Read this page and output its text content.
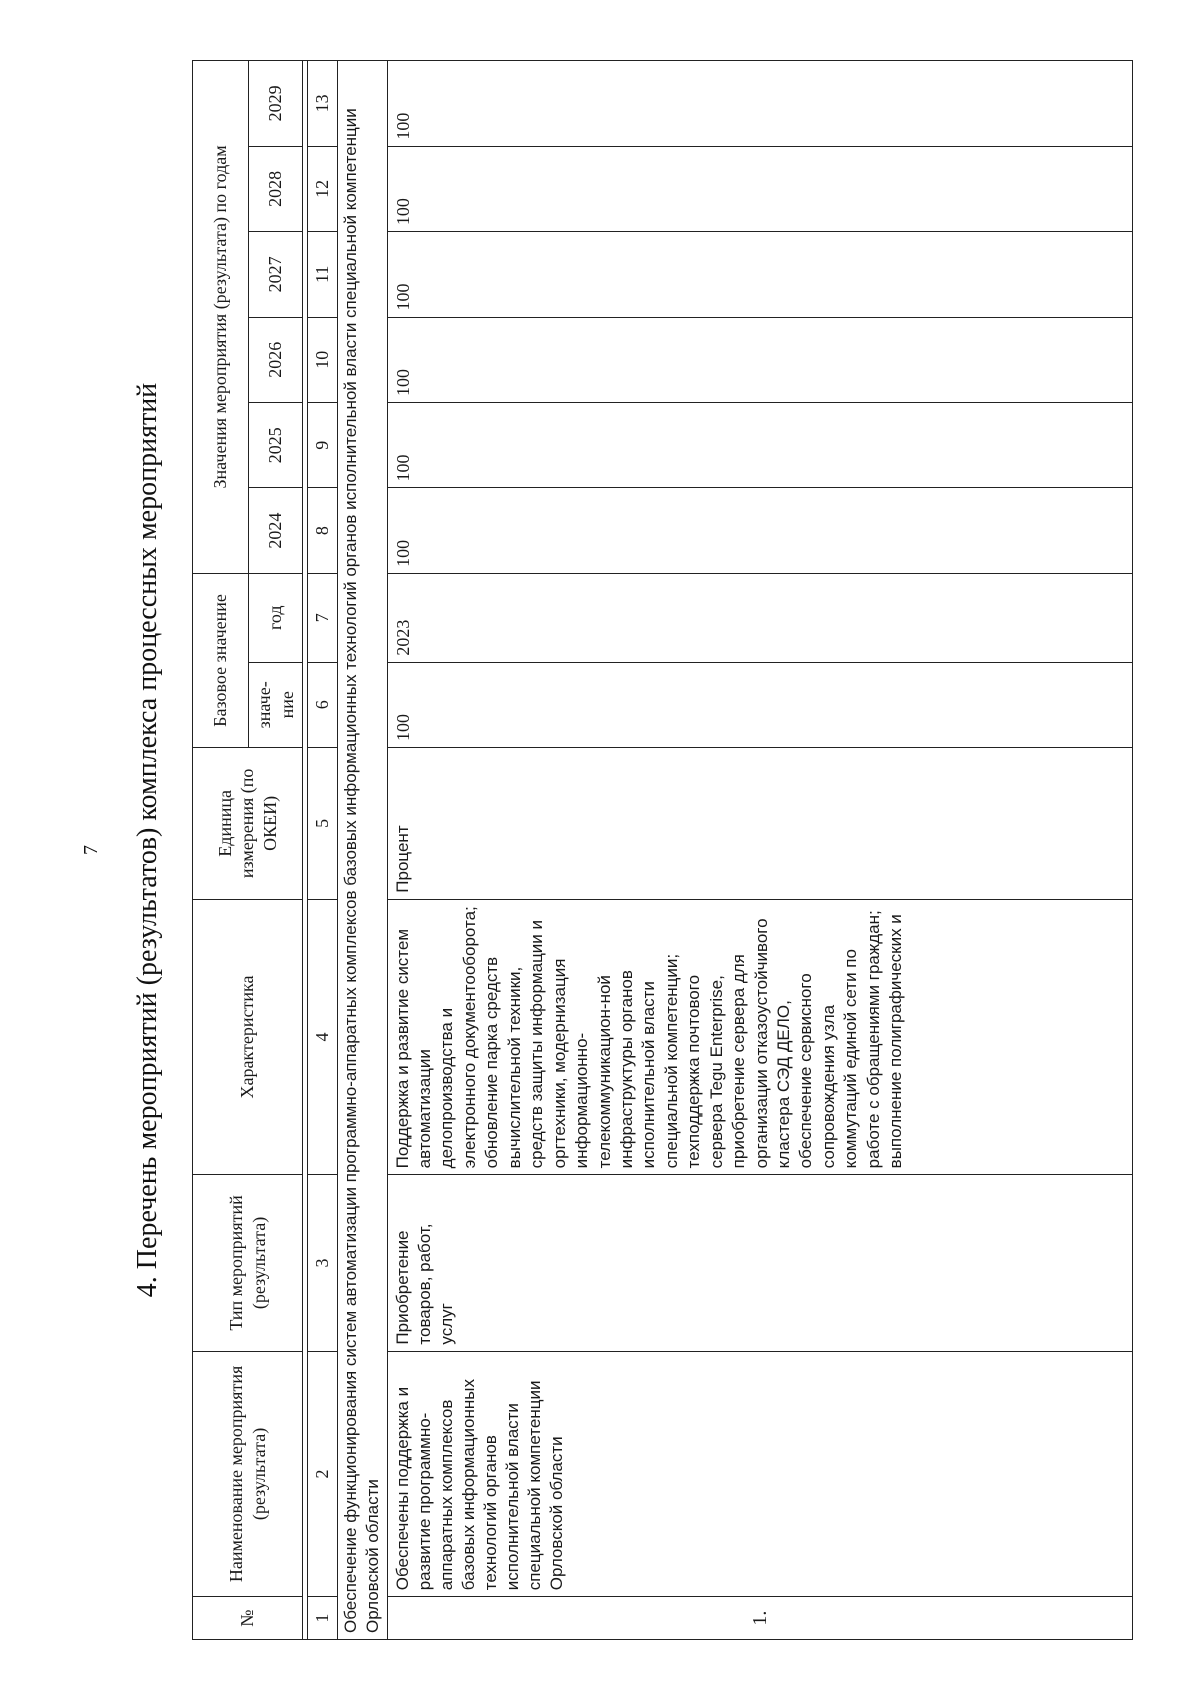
7 4. Перечень мероприятий (результатов) комплекса процессных мероприятий
№	Наименование мероприятия (результата)	Тип мероприятий (результата)	Характеристика	Единица измерения (по ОКЕИ)	Базовое значение		Значения мероприятия (результата) по годам					
					значе-ние	год	2024	2025	2026	2027	2028	2029

1	2	3	4	5	6	7	8	9	10	11	12	13
Обеспечение функционирования систем автоматизации программно-аппаратных комплексов базовых информационных технологий органов исполнительной власти специальной компетенции Орловской области												
1.	Обеспечены поддержка и развитие программно-аппаратных комплексов базовых информационных технологий органов исполнительной власти специальной компетенции Орловской области	Приобретение товаров, работ, услуг	Поддержка и развитие систем автоматизации делопроизводства и электронного документооборота; обновление парка средств вычислительной техники, средств защиты информации и оргтехники, модернизация информационно-телекоммуникацион-ной инфраструктуры органов исполнительной власти специальной компетенции; техподдержка почтового сервера Tegu Enterprise, приобретение сервера для организации отказоустойчивого кластера СЭД ДЕЛО, обеспечение сервисного сопровождения узла коммутаций единой сети по работе с обращениями граждан; выполнение полиграфических и	Процент	100	2023	100	100	100	100	100	100
